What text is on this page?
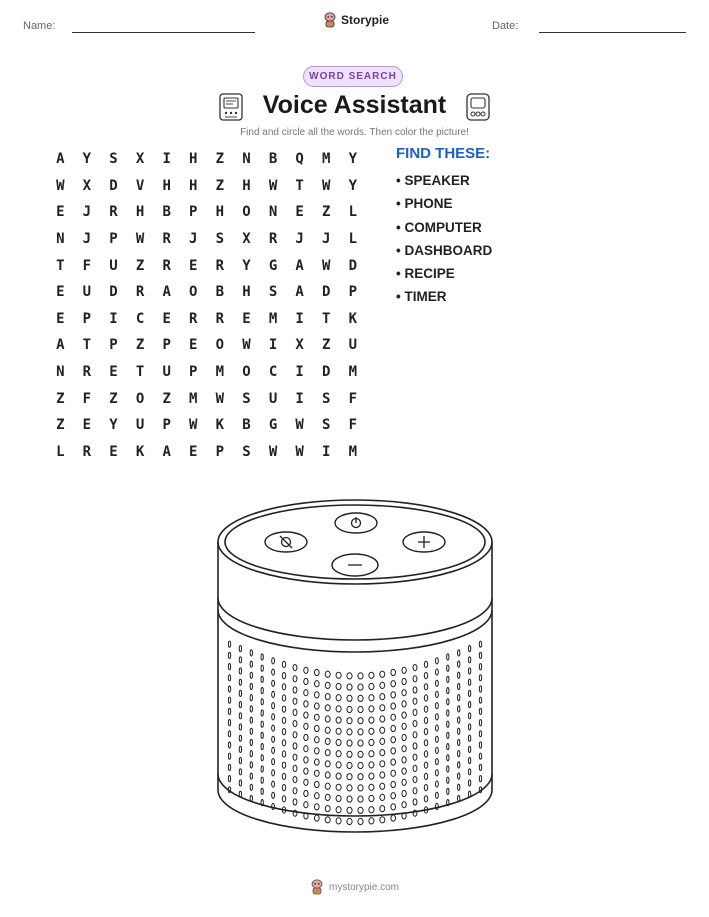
Name:	Date:
Storypie
WORD SEARCH
Voice Assistant
Find and circle all the words. Then color the picture!
A	Y	S	X	I	H	Z	N	B	Q	M	Y
W	X	D	V	H	H	Z	H	W	T	W	Y
E	J	R	H	B	P	H	O	N	E	Z	L
N	J	P	W	R	J	S	X	R	J	J	L
T	F	U	Z	R	E	R	Y	G	A	W	D
E	U	D	R	A	O	B	H	S	A	D	P
E	P	I	C	E	R	R	E	M	I	T	K
A	T	P	Z	P	E	O	W	I	X	Z	U
N	R	E	T	U	P	M	O	C	I	D	M
Z	F	Z	O	Z	M	W	S	U	I	S	F
Z	E	Y	U	P	W	K	B	G	W	S	F
L	R	E	K	A	E	P	S	W	W	I	M
FIND THESE:
• SPEAKER
• PHONE
• COMPUTER
• DASHBOARD
• RECIPE
• TIMER
mystorypie.com
